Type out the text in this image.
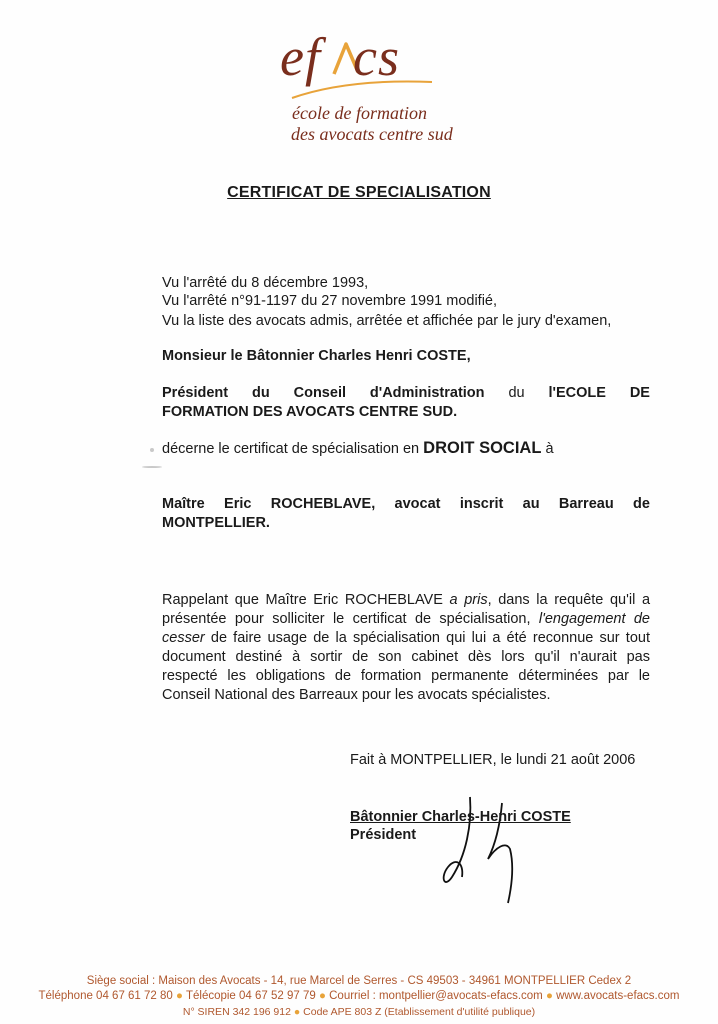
ef cs
école de formation
des avocats centre sud
CERTIFICAT DE SPECIALISATION
Vu l'arrêté du 8 décembre 1993,
Vu l'arrêté n°91-1197 du 27 novembre 1991 modifié,
Vu la liste des avocats admis, arrêtée et affichée par le jury d'examen,
Monsieur le Bâtonnier Charles Henri COSTE,
Président du Conseil d'Administration du l'ECOLE DE
FORMATION DES AVOCATS CENTRE SUD.
décerne le certificat de spécialisation en DROIT SOCIAL à
Maître Eric ROCHEBLAVE, avocat inscrit au Barreau de
MONTPELLIER.
Rappelant que Maître Eric ROCHEBLAVE a pris, dans la requête qu'il a
présentée pour solliciter le certificat de spécialisation, l'engagement de
cesser de faire usage de la spécialisation qui lui a été reconnue sur tout
document destiné à sortir de son cabinet dès lors qu'il n'aurait pas
respecté les obligations de formation permanente déterminées par le
Conseil National des Barreaux pour les avocats spécialistes.
Fait à MONTPELLIER, le lundi 21 août 2006
Bâtonnier Charles-Henri COSTE
Président
Siège social : Maison des Avocats - 14, rue Marcel de Serres - CS 49503 - 34961 MONTPELLIER Cedex 2
Téléphone 04 67 61 72 80 ● Télécopie 04 67 52 97 79 ● Courriel : montpellier@avocats-efacs.com ● www.avocats-efacs.com
N° SIREN 342 196 912 ● Code APE 803 Z (Etablissement d'utilité publique)
